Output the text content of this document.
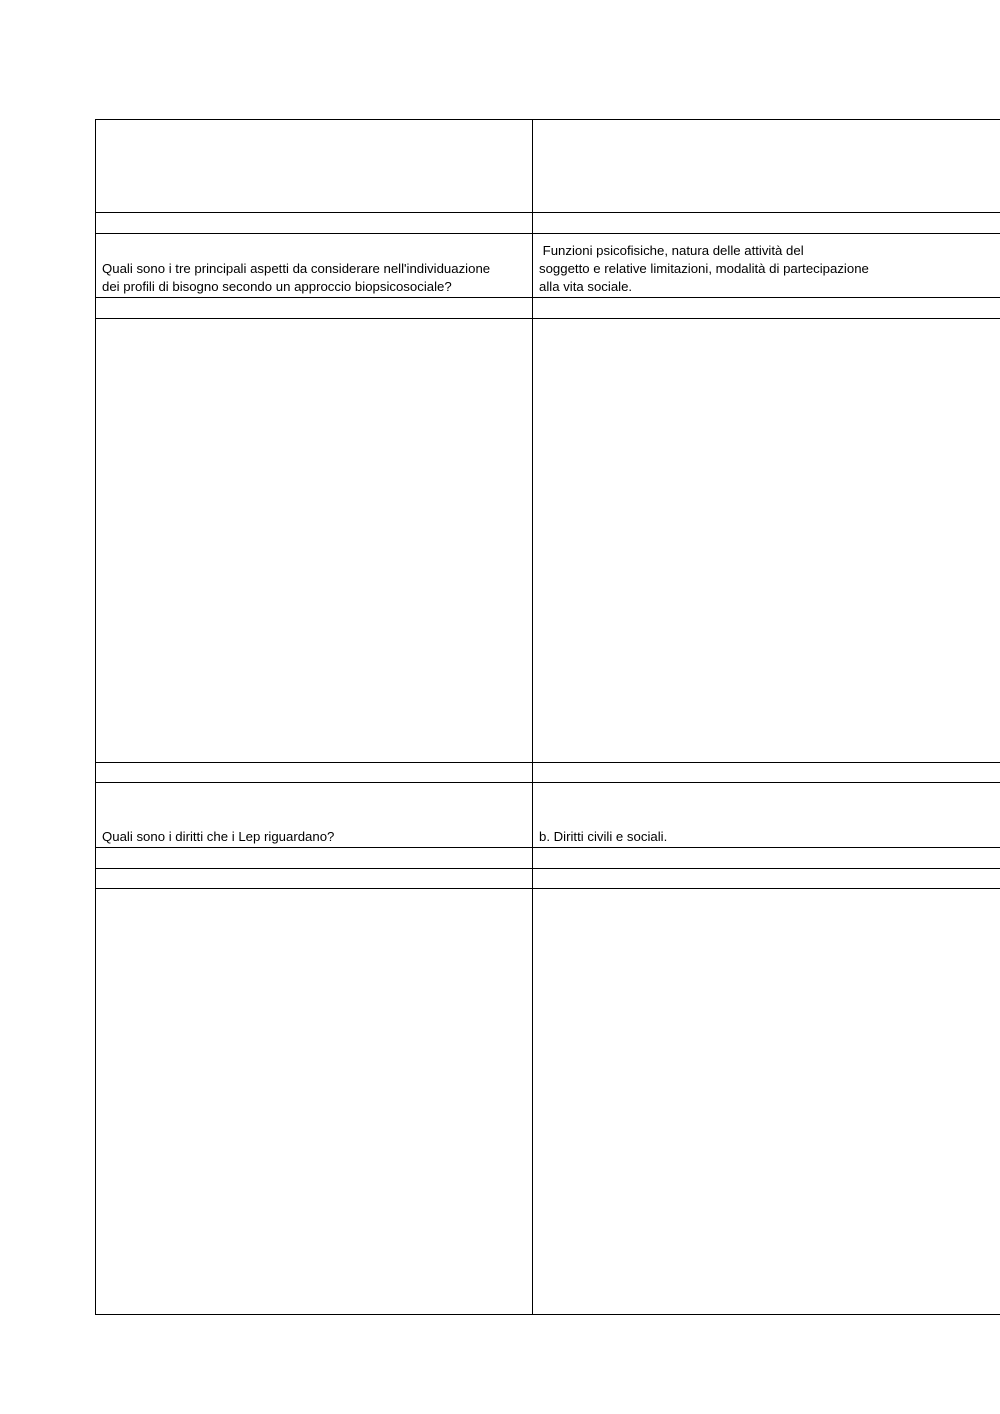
Quali sono i tre principali aspetti da considerare nell'individuazione
dei profili di bisogno secondo un approccio biopsicosociale?	Funzioni psicofisiche, natura delle attività del
soggetto e relative limitazioni, modalità di partecipazione
alla vita sociale.

Quali sono i diritti che i Lep riguardano?	b. Diritti civili e sociali.
